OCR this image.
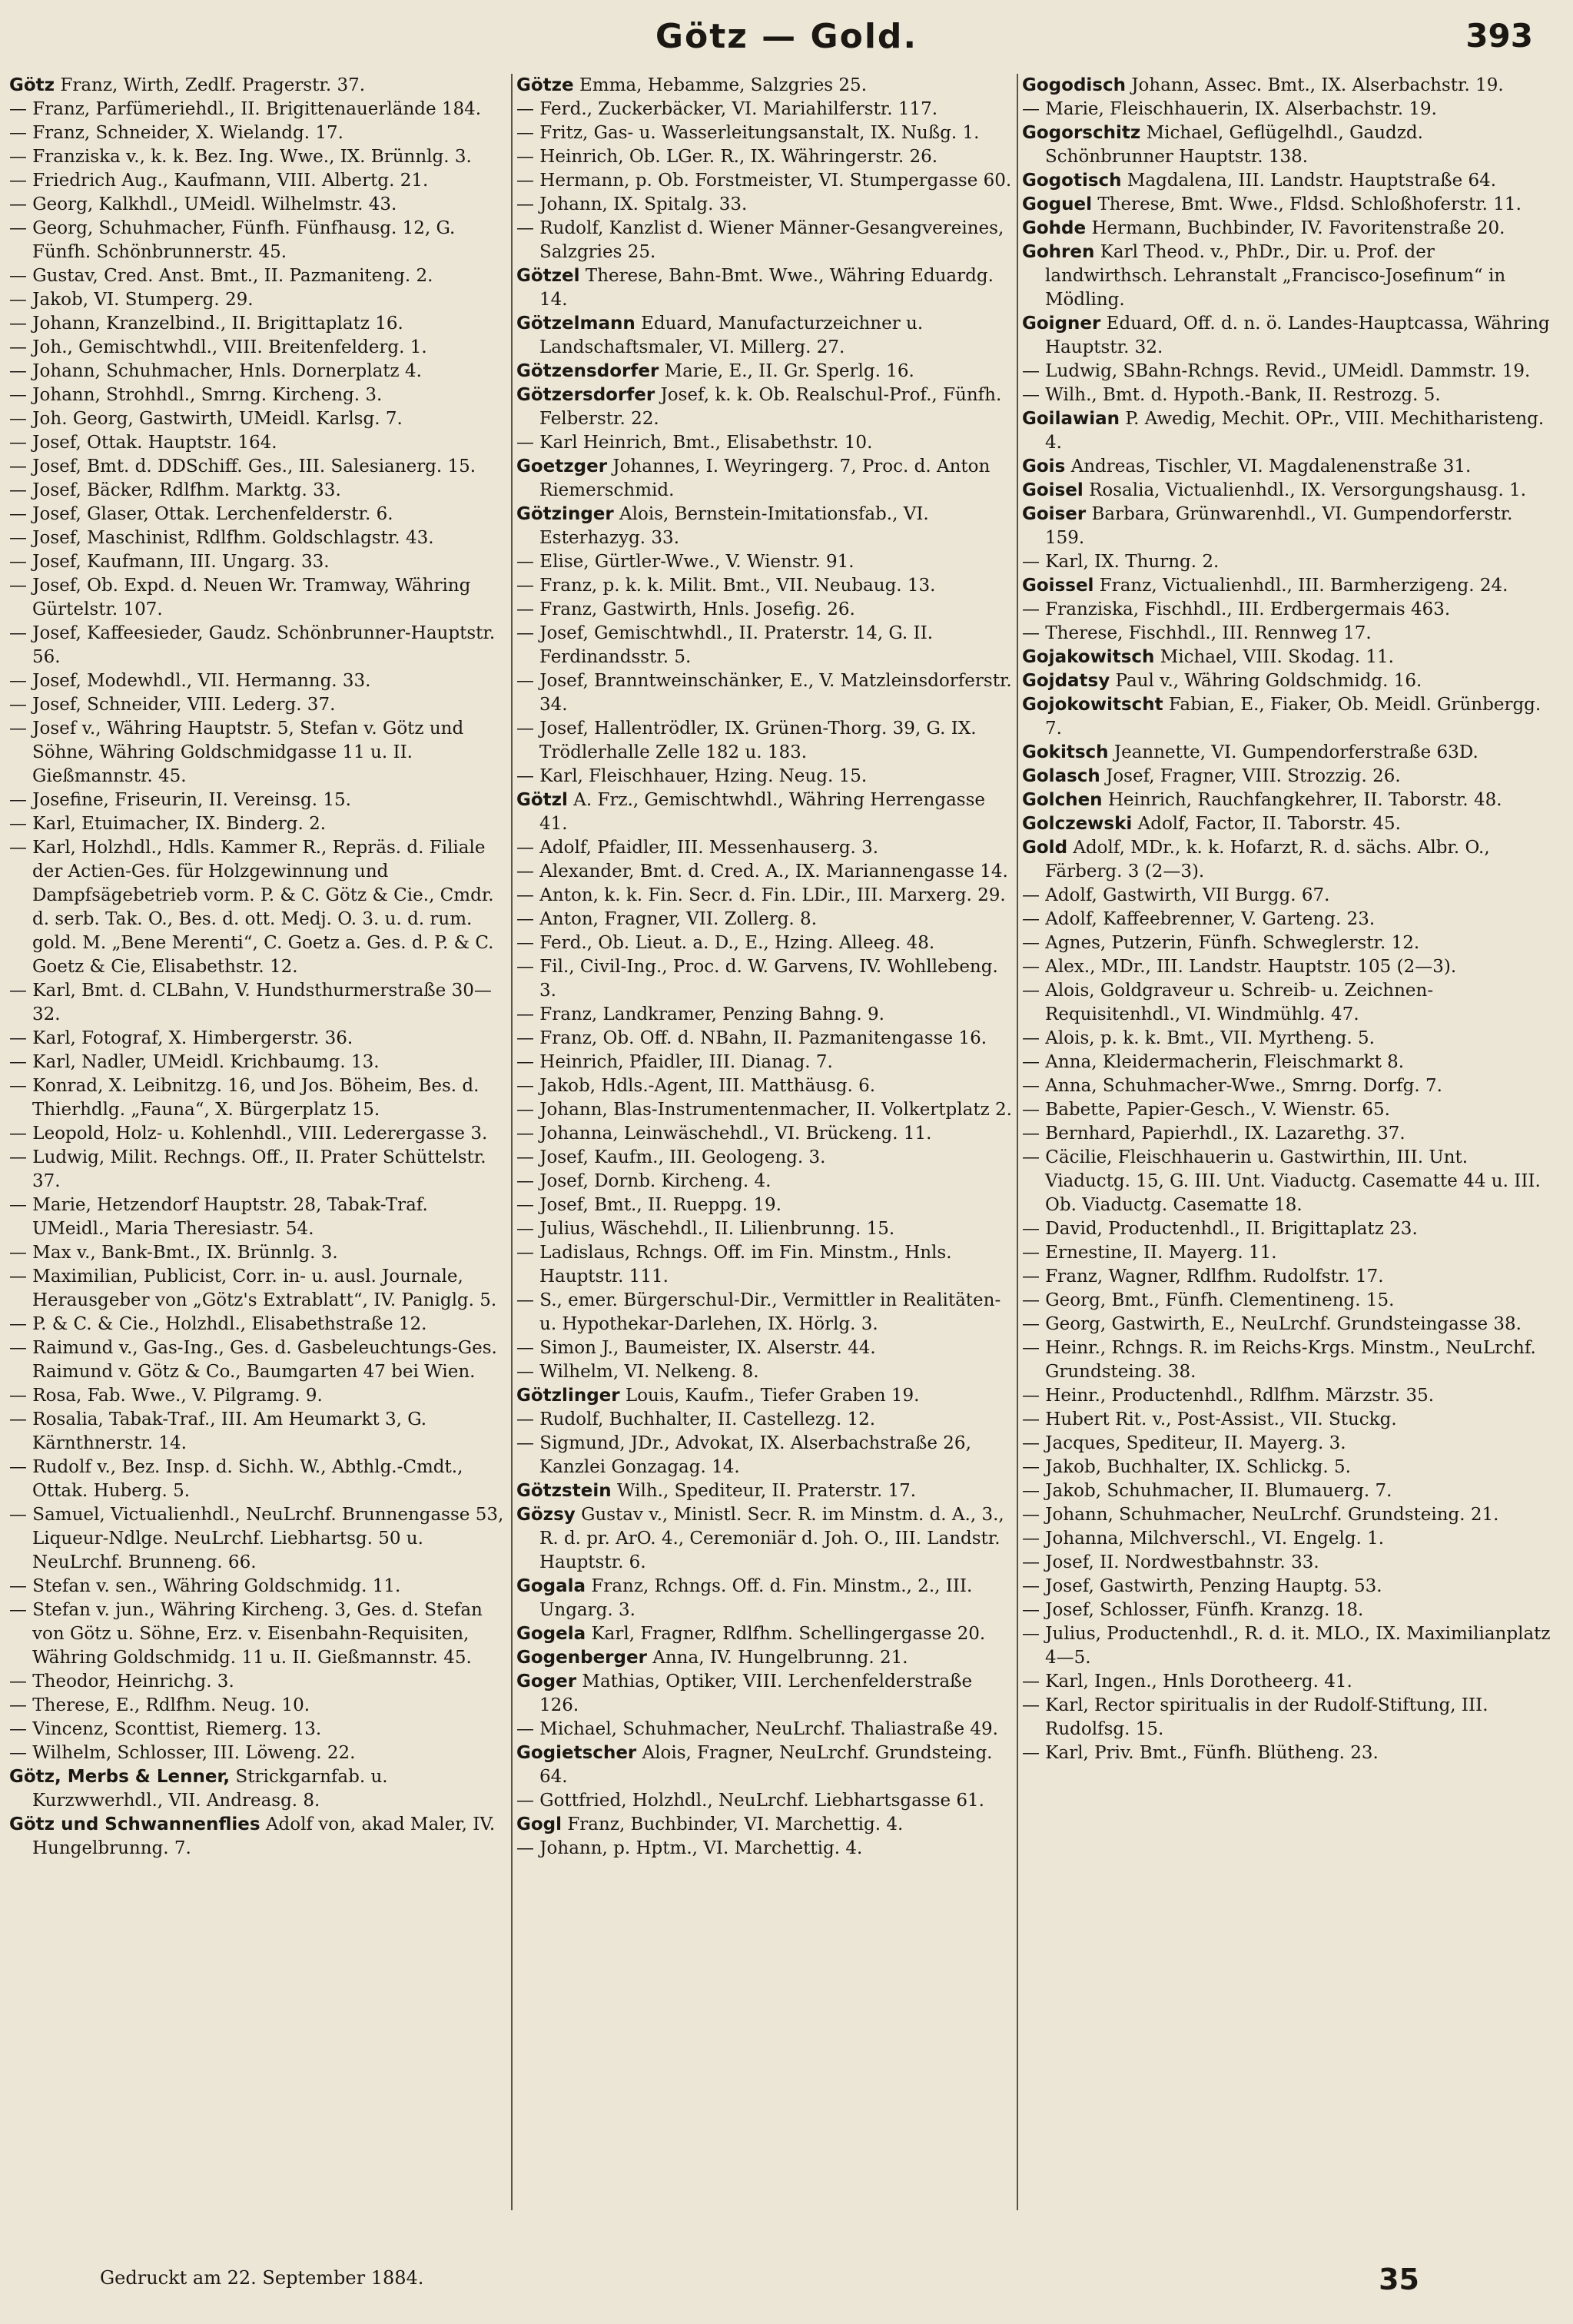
Götz — Gold.	393

Götz Franz, Wirth, Zedlf. Pragerstr. 37.

— Franz, Parfümeriehdl., II. Brigittenauerlände 184.

— Franz, Schneider, X. Wielandg. 17.

— Franziska v., k. k. Bez. Ing. Wwe., IX. Brünnlg. 3.

— Friedrich Aug., Kaufmann, VIII. Albertg. 21.

— Georg, Kalkhdl., UMeidl. Wilhelmstr. 43.

— Georg, Schuhmacher, Fünfh. Fünfhausg. 12, G. Fünfh. Schönbrunnerstr. 45.

— Gustav, Cred. Anst. Bmt., II. Pazmaniteng. 2.

— Jakob, VI. Stumperg. 29.

— Johann, Kranzelbind., II. Brigittaplatz 16.

— Joh., Gemischtwhdl., VIII. Breitenfelderg. 1.

— Johann, Schuhmacher, Hnls. Dornerplatz 4.

— Johann, Strohhdl., Smrng. Kircheng. 3.

— Joh. Georg, Gastwirth, UMeidl. Karlsg. 7.

— Josef, Ottak. Hauptstr. 164.

— Josef, Bmt. d. DDSchiff. Ges., III. Salesianerg. 15.

— Josef, Bäcker, Rdlfhm. Marktg. 33.

— Josef, Glaser, Ottak. Lerchenfelderstr. 6.

— Josef, Maschinist, Rdlfhm. Goldschlagstr. 43.

— Josef, Kaufmann, III. Ungarg. 33.

— Josef, Ob. Expd. d. Neuen Wr. Tramway, Währing Gürtelstr. 107.

— Josef, Kaffeesieder, Gaudz. Schönbrunner-Hauptstr. 56.

— Josef, Modewhdl., VII. Hermanng. 33.

— Josef, Schneider, VIII. Lederg. 37.

— Josef v., Währing Hauptstr. 5, Stefan v. Götz und Söhne, Währing Goldschmidgasse 11 u. II. Gießmannstr. 45.

— Josefine, Friseurin, II. Vereinsg. 15.

— Karl, Etuimacher, IX. Binderg. 2.

— Karl, Holzhdl., Hdls. Kammer R., Repräs. d. Filiale der Actien-Ges. für Holzgewinnung und Dampfsägebetrieb vorm. P. & C. Götz & Cie., Cmdr. d. serb. Tak. O., Bes. d. ott. Medj. O. 3. u. d. rum. gold. M. „Bene Merenti“, C. Goetz a. Ges. d. P. & C. Goetz & Cie, Elisabethstr. 12.

— Karl, Bmt. d. CLBahn, V. Hundsthurmerstraße 30—32.

— Karl, Fotograf, X. Himbergerstr. 36.

— Karl, Nadler, UMeidl. Krichbaumg. 13.

— Konrad, X. Leibnitzg. 16, und Jos. Böheim, Bes. d. Thierhdlg. „Fauna“, X. Bürgerplatz 15.

— Leopold, Holz- u. Kohlenhdl., VIII. Lederergasse 3.

— Ludwig, Milit. Rechngs. Off., II. Prater Schüttelstr. 37.

— Marie, Hetzendorf Hauptstr. 28, Tabak-Traf. UMeidl., Maria Theresiastr. 54.

— Max v., Bank-Bmt., IX. Brünnlg. 3.

— Maximilian, Publicist, Corr. in- u. ausl. Journale, Herausgeber von „Götz's Extrablatt“, IV. Paniglg. 5.

— P. & C. & Cie., Holzhdl., Elisabethstraße 12.

— Raimund v., Gas-Ing., Ges. d. Gasbeleuchtungs-Ges. Raimund v. Götz & Co., Baumgarten 47 bei Wien.

— Rosa, Fab. Wwe., V. Pilgramg. 9.

— Rosalia, Tabak-Traf., III. Am Heumarkt 3, G. Kärnthnerstr. 14.

— Rudolf v., Bez. Insp. d. Sichh. W., Abthlg.-Cmdt., Ottak. Huberg. 5.

— Samuel, Victualienhdl., NeuLrchf. Brunnengasse 53, Liqueur-Ndlge. NeuLrchf. Liebhartsg. 50 u. NeuLrchf. Brunneng. 66.

— Stefan v. sen., Währing Goldschmidg. 11.

— Stefan v. jun., Währing Kircheng. 3, Ges. d. Stefan von Götz u. Söhne, Erz. v. Eisenbahn-Requisiten, Währing Goldschmidg. 11 u. II. Gießmannstr. 45.

— Theodor, Heinrichg. 3.

— Therese, E., Rdlfhm. Neug. 10.

— Vincenz, Sconttist, Riemerg. 13.

— Wilhelm, Schlosser, III. Löweng. 22.

Götz, Merbs & Lenner, Strickgarnfab. u. Kurzwwerhdl., VII. Andreasg. 8.

Götz und Schwannenflies Adolf von, akad Maler, IV. Hungelbrunng. 7.

Götze Emma, Hebamme, Salzgries 25.

— Ferd., Zuckerbäcker, VI. Mariahilferstr. 117.

— Fritz, Gas- u. Wasserleitungsanstalt, IX. Nußg. 1.

— Heinrich, Ob. LGer. R., IX. Währingerstr. 26.

— Hermann, p. Ob. Forstmeister, VI. Stumpergasse 60.

— Johann, IX. Spitalg. 33.

— Rudolf, Kanzlist d. Wiener Männer-Gesangvereines, Salzgries 25.

Götzel Therese, Bahn-Bmt. Wwe., Währing Eduardg. 14.

Götzelmann Eduard, Manufacturzeichner u. Landschaftsmaler, VI. Millerg. 27.

Götzensdorfer Marie, E., II. Gr. Sperlg. 16.

Götzersdorfer Josef, k. k. Ob. Realschul-Prof., Fünfh. Felberstr. 22.

— Karl Heinrich, Bmt., Elisabethstr. 10.

Goetzger Johannes, I. Weyringerg. 7, Proc. d. Anton Riemerschmid.

Götzinger Alois, Bernstein-Imitationsfab., VI. Esterhazyg. 33.

— Elise, Gürtler-Wwe., V. Wienstr. 91.

— Franz, p. k. k. Milit. Bmt., VII. Neubaug. 13.

— Franz, Gastwirth, Hnls. Josefig. 26.

— Josef, Gemischtwhdl., II. Praterstr. 14, G. II. Ferdinandsstr. 5.

— Josef, Branntweinschänker, E., V. Matzleinsdorferstr. 34.

— Josef, Hallentrödler, IX. Grünen-Thorg. 39, G. IX. Trödlerhalle Zelle 182 u. 183.

— Karl, Fleischhauer, Hzing. Neug. 15.

Götzl A. Frz., Gemischtwhdl., Währing Herrengasse 41.

— Adolf, Pfaidler, III. Messenhauserg. 3.

— Alexander, Bmt. d. Cred. A., IX. Mariannengasse 14.

— Anton, k. k. Fin. Secr. d. Fin. LDir., III. Marxerg. 29.

— Anton, Fragner, VII. Zollerg. 8.

— Ferd., Ob. Lieut. a. D., E., Hzing. Alleeg. 48.

— Fil., Civil-Ing., Proc. d. W. Garvens, IV. Wohllebeng. 3.

— Franz, Landkramer, Penzing Bahng. 9.

— Franz, Ob. Off. d. NBahn, II. Pazmanitengasse 16.

— Heinrich, Pfaidler, III. Dianag. 7.

— Jakob, Hdls.-Agent, III. Matthäusg. 6.

— Johann, Blas-Instrumentenmacher, II. Volkertplatz 2.

— Johanna, Leinwäschehdl., VI. Brückeng. 11.

— Josef, Kaufm., III. Geologeng. 3.

— Josef, Dornb. Kircheng. 4.

— Josef, Bmt., II. Rueppg. 19.

— Julius, Wäschehdl., II. Lilienbrunng. 15.

— Ladislaus, Rchngs. Off. im Fin. Minstm., Hnls. Hauptstr. 111.

— S., emer. Bürgerschul-Dir., Vermittler in Realitäten- u. Hypothekar-Darlehen, IX. Hörlg. 3.

— Simon J., Baumeister, IX. Alserstr. 44.

— Wilhelm, VI. Nelkeng. 8.

Götzlinger Louis, Kaufm., Tiefer Graben 19.

— Rudolf, Buchhalter, II. Castellezg. 12.

— Sigmund, JDr., Advokat, IX. Alserbachstraße 26, Kanzlei Gonzagag. 14.

Götzstein Wilh., Spediteur, II. Praterstr. 17.

Gözsy Gustav v., Ministl. Secr. R. im Minstm. d. A., 3., R. d. pr. ArO. 4., Ceremoniär d. Joh. O., III. Landstr. Hauptstr. 6.

Gogala Franz, Rchngs. Off. d. Fin. Minstm., 2., III. Ungarg. 3.

Gogela Karl, Fragner, Rdlfhm. Schellingergasse 20.

Gogenberger Anna, IV. Hungelbrunng. 21.

Goger Mathias, Optiker, VIII. Lerchenfelderstraße 126.

— Michael, Schuhmacher, NeuLrchf. Thaliastraße 49.

Gogietscher Alois, Fragner, NeuLrchf. Grundsteing. 64.

— Gottfried, Holzhdl., NeuLrchf. Liebhartsgasse 61.

Gogl Franz, Buchbinder, VI. Marchettig. 4.

— Johann, p. Hptm., VI. Marchettig. 4.

Gogodisch Johann, Assec. Bmt., IX. Alserbachstr. 19.

— Marie, Fleischhauerin, IX. Alserbachstr. 19.

Gogorschitz Michael, Geflügelhdl., Gaudzd. Schönbrunner Hauptstr. 138.

Gogotisch Magdalena, III. Landstr. Hauptstraße 64.

Goguel Therese, Bmt. Wwe., Fldsd. Schloßhoferstr. 11.

Gohde Hermann, Buchbinder, IV. Favoritenstraße 20.

Gohren Karl Theod. v., PhDr., Dir. u. Prof. der landwirthsch. Lehranstalt „Francisco-Josefinum“ in Mödling.

Goigner Eduard, Off. d. n. ö. Landes-Hauptcassa, Währing Hauptstr. 32.

— Ludwig, SBahn-Rchngs. Revid., UMeidl. Dammstr. 19.

— Wilh., Bmt. d. Hypoth.-Bank, II. Restrozg. 5.

Goilawian P. Awedig, Mechit. OPr., VIII. Mechitharisteng. 4.

Gois Andreas, Tischler, VI. Magdalenenstraße 31.

Goisel Rosalia, Victualienhdl., IX. Versorgungshausg. 1.

Goiser Barbara, Grünwarenhdl., VI. Gumpendorferstr. 159.

— Karl, IX. Thurng. 2.

Goissel Franz, Victualienhdl., III. Barmherzigeng. 24.

— Franziska, Fischhdl., III. Erdbergermais 463.

— Therese, Fischhdl., III. Rennweg 17.

Gojakowitsch Michael, VIII. Skodag. 11.

Gojdatsy Paul v., Währing Goldschmidg. 16.

Gojokowitscht Fabian, E., Fiaker, Ob. Meidl. Grünbergg. 7.

Gokitsch Jeannette, VI. Gumpendorferstraße 63D.

Golasch Josef, Fragner, VIII. Strozzig. 26.

Golchen Heinrich, Rauchfangkehrer, II. Taborstr. 48.

Golczewski Adolf, Factor, II. Taborstr. 45.

Gold Adolf, MDr., k. k. Hofarzt, R. d. sächs. Albr. O., Färberg. 3 (2—3).

— Adolf, Gastwirth, VII Burgg. 67.

— Adolf, Kaffeebrenner, V. Garteng. 23.

— Agnes, Putzerin, Fünfh. Schweglerstr. 12.

— Alex., MDr., III. Landstr. Hauptstr. 105 (2—3).

— Alois, Goldgraveur u. Schreib- u. Zeichnen-Requisitenhdl., VI. Windmühlg. 47.

— Alois, p. k. k. Bmt., VII. Myrtheng. 5.

— Anna, Kleidermacherin, Fleischmarkt 8.

— Anna, Schuhmacher-Wwe., Smrng. Dorfg. 7.

— Babette, Papier-Gesch., V. Wienstr. 65.

— Bernhard, Papierhdl., IX. Lazarethg. 37.

— Cäcilie, Fleischhauerin u. Gastwirthin, III. Unt. Viaductg. 15, G. III. Unt. Viaductg. Casematte 44 u. III. Ob. Viaductg. Casematte 18.

— David, Productenhdl., II. Brigittaplatz 23.

— Ernestine, II. Mayerg. 11.

— Franz, Wagner, Rdlfhm. Rudolfstr. 17.

— Georg, Bmt., Fünfh. Clementineng. 15.

— Georg, Gastwirth, E., NeuLrchf. Grundsteingasse 38.

— Heinr., Rchngs. R. im Reichs-Krgs. Minstm., NeuLrchf. Grundsteing. 38.

— Heinr., Productenhdl., Rdlfhm. Märzstr. 35.

— Hubert Rit. v., Post-Assist., VII. Stuckg.

— Jacques, Spediteur, II. Mayerg. 3.

— Jakob, Buchhalter, IX. Schlickg. 5.

— Jakob, Schuhmacher, II. Blumauerg. 7.

— Johann, Schuhmacher, NeuLrchf. Grundsteing. 21.

— Johanna, Milchverschl., VI. Engelg. 1.

— Josef, II. Nordwestbahnstr. 33.

— Josef, Gastwirth, Penzing Hauptg. 53.

— Josef, Schlosser, Fünfh. Kranzg. 18.

— Julius, Productenhdl., R. d. it. MLO., IX. Maximilianplatz 4—5.

— Karl, Ingen., Hnls Dorotheerg. 41.

— Karl, Rector spiritualis in der Rudolf-Stiftung, III. Rudolfsg. 15.

— Karl, Priv. Bmt., Fünfh. Blütheng. 23.

Gedruckt am 22. September 1884.	35
